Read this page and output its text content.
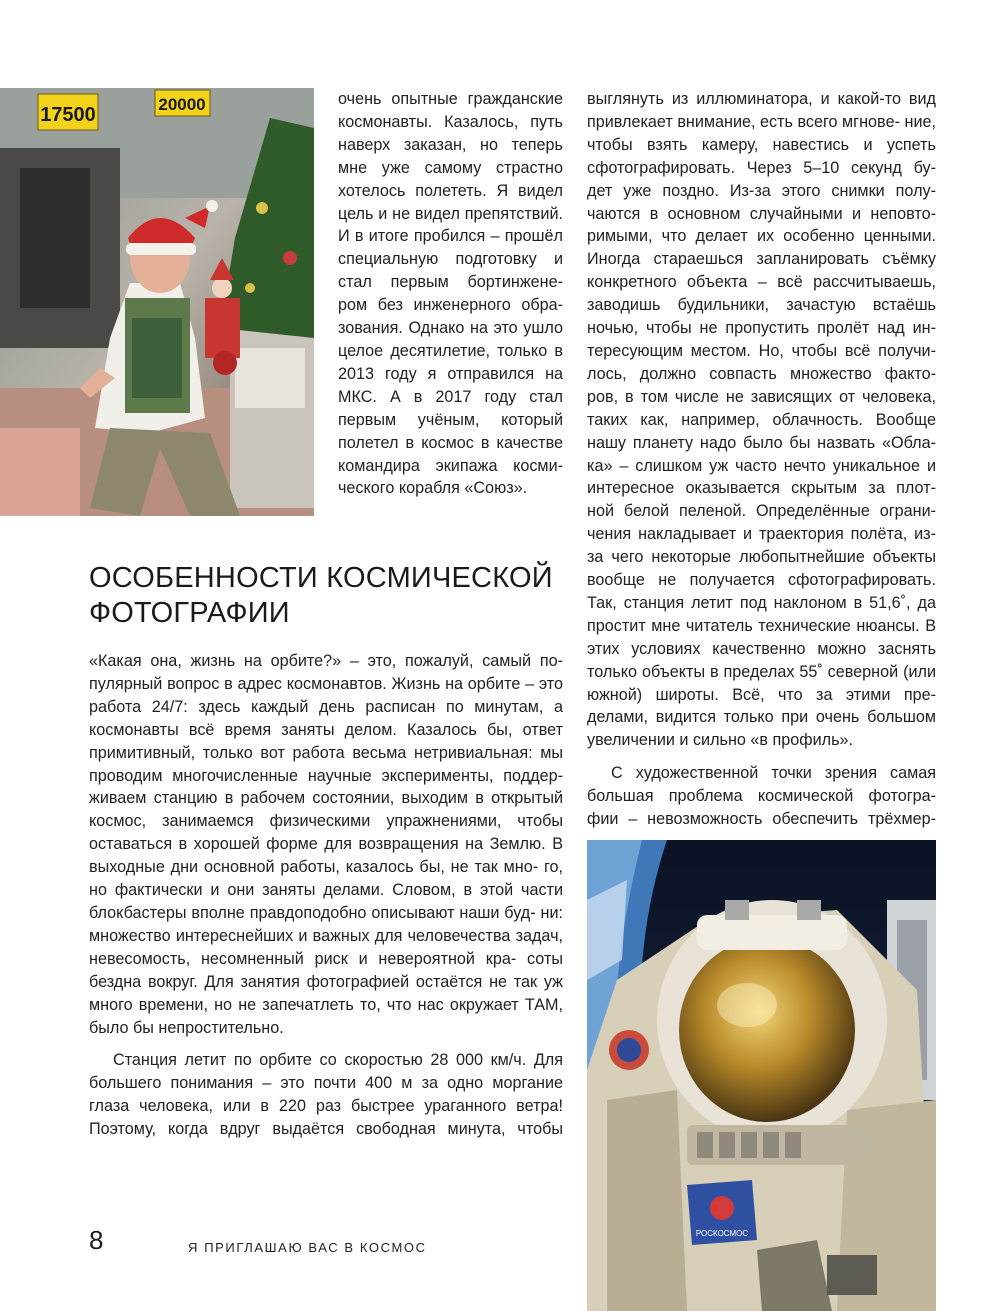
17500	20000	очень опытные гражданские космонавты. Казалось, путь наверх заказан, но теперь мне уже самому страстно хотелось полететь. Я видел цель и не видел препятствий. И в итоге пробился – прошёл специальную подготовку и стал первым бортинжене- ром без инженерного обра- зования. Однако на это ушло целое десятилетие, только в 2013 году я отправился на МКС. А в 2017 году стал первым учёным, который полетел в космос в качестве командира экипажа косми- ческого корабля «Союз».

выглянуть из иллюминатора, и какой-то вид привлекает внимание, есть всего мгновe- ние, чтобы взять камеру, навестись и успеть сфотографировать. Через 5–10 секунд бу- дет уже поздно. Из-за этого снимки полу- чаются в основном случайными и неповто- римыми, что делает их особенно ценными. Иногда стараешься запланировать съёмку конкретного объекта – всё рассчитываешь, заводишь будильники, зачастую встаёшь ночью, чтобы не пропустить пролёт над ин- тересующим местом. Но, чтобы всё получи- лось, должно совпасть множество факто- ров, в том числе не зависящих от человека, таких как, например, облачность. Вообще нашу планету надо было бы назвать «Обла- ка» – слишком уж часто нечто уникальное и интересное оказывается скрытым за плот- ной белой пеленой. Определённые ограни- чения накладывает и траектория полёта, из- за чего некоторые любопытнейшие объекты вообще не получается сфотографировать. Так, станция летит под наклоном в 51,6˚, да простит мне читатель технические нюансы. В этих условиях качественно можно заснять только объекты в пределах 55˚ северной (или южной) широты. Всё, что за этими пре- делами, видится только при очень большом увеличении и сильно «в профиль».

С художественной точки зрения самая большая проблема космической фотогра- фии – невозможность обеспечить трёхмер-

ОСОБЕННОСТИ КОСМИЧЕСКОЙ
ФОТОГРАФИИ

«Какая она, жизнь на орбите?» – это, пожалуй, самый по- пулярный вопрос в адрес космонавтов. Жизнь на орбите – это работа 24/7: здесь каждый день расписан по минутам, а космонавты всё время заняты делом. Казалось бы, ответ примитивный, только вот работа весьма нетривиальная: мы проводим многочисленные научные эксперименты, поддер- живаем станцию в рабочем состоянии, выходим в открытый космос, занимаемся физическими упражнениями, чтобы оставаться в хорошей форме для возвращения на Землю. В выходные дни основной работы, казалось бы, не так мно- го, но фактически и они заняты делами. Словом, в этой части блокбастеры вполне правдоподобно описывают наши буд- ни: множество интереснейших и важных для человечества задач, невесомость, несомненный риск и невероятной кра- соты бездна вокруг. Для занятия фотографией остаётся не так уж много времени, но не запечатлеть то, что нас окружает ТАМ, было бы непростительно.

Станция летит по орбите со скоростью 28 000 км/ч. Для большего понимания – это почти 400 м за одно моргание глаза человека, или в 220 раз быстрее ураганного ветра! Поэтому, когда вдруг выдаётся свободная минута, чтобы

РОСКОСМОС
8	Я ПРИГЛАШАЮ ВАС В КОСМОС
